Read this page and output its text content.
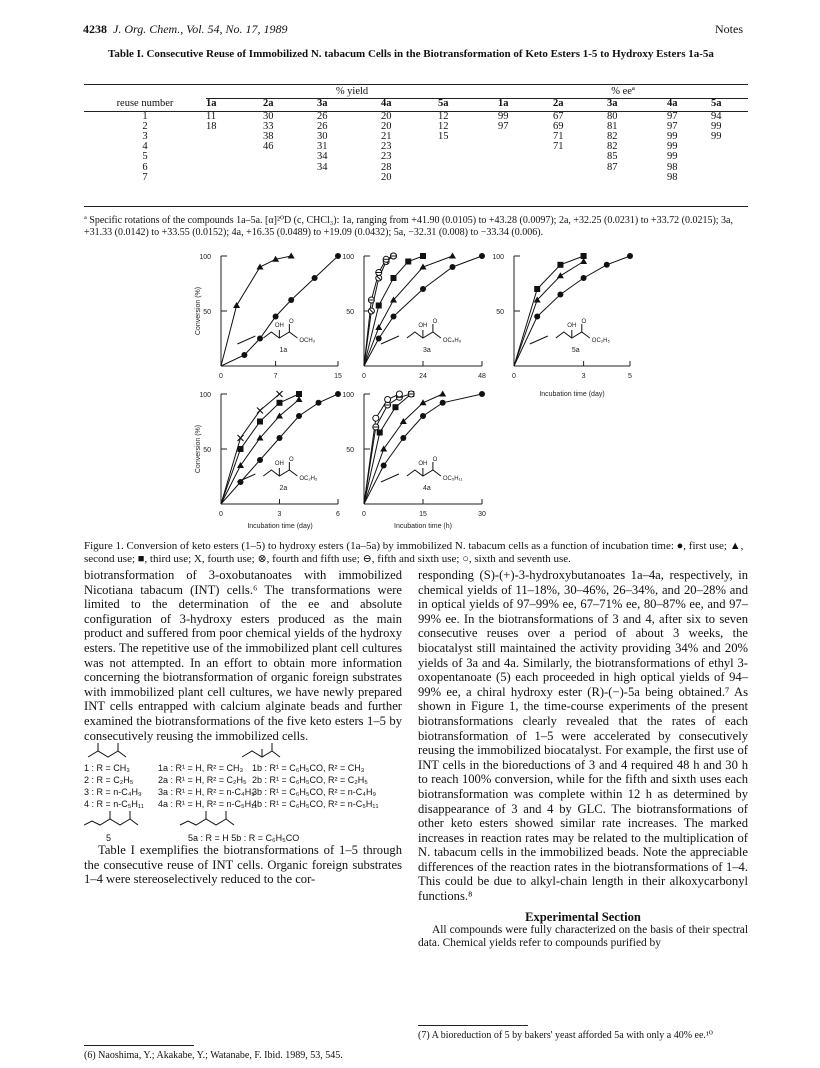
4238 J. Org. Chem., Vol. 54, No. 17, 1989	Notes
Table I. Consecutive Reuse of Immobilized N. tabacum Cells in the Biotransformation of Keto Esters 1-5 to Hydroxy Esters 1a-5a
	% yield					% eeª				
reuse number	1a	2a	3a	4a	5a	1a	2a	3a	4a	5a
1	11	30	26	20	12	99	67	80	97	94
2	18	33	26	20	12	97	69	81	97	99
3		38	30	21	15		71	82	99	99
4		46	31	23			71	82	99	
5			34	23				85	99	
6			34	28				87	98	
7				20					98	
ª Specific rotations of the compounds 1a–5a. [α]²⁰D (c, CHCl₃): 1a, ranging from +41.90 (0.0105) to +43.28 (0.0097); 2a, +32.25 (0.0231) to +33.72 (0.0215); 3a, +31.33 (0.0142) to +33.55 (0.0152); 4a, +16.35 (0.0489) to +19.09 (0.0432); 5a, −32.31 (0.008) to −33.34 (0.006).
100
50
0	7	15
OH
O
OCH₃
1a
100
50
0	24	48
OH
O
OC₄H₉
3a
100
50
0	3	5
OH
O
OC₂H₅
5a
100
50
0	3	6
OH
O
OC₂H₅
2a
100
50
0	15	30
OH
O
OC₅H₁₁
4a
Conversion (%)
Conversion (%)
Incubation time (day)
Incubation time (day)	Incubation time (h)
Figure 1. Conversion of keto esters (1–5) to hydroxy esters (1a–5a) by immobilized N. tabacum cells as a function of incubation time: ●, first use; ▲, second use; ■, third use; X, fourth use; ⊗, fourth and fifth use; ⊖, fifth and sixth use; ○, sixth and seventh use.

biotransformation of 3-oxobutanoates with immobilized Nicotiana tabacum (INT) cells.⁶ The transformations were limited to the determination of the ee and absolute configuration of 3-hydroxy esters produced as the main product and suffered from poor chemical yields of the hydroxy esters. The repetitive use of the immobilized plant cell cultures was not attempted. In an effort to obtain more information concerning the biotransformation of organic foreign substrates with immobilized plant cell cultures, we have newly prepared INT cells entrapped with calcium alginate beads and further examined the biotransformations of the five keto esters 1–5 by consecutively reusing the immobilized cells.

1 : R = CH₃	1a : R¹ = H, R² = CH₃ 1b : R¹ = C₆H₅CO, R² = CH₃
2 : R = C₂H₅	2a : R¹ = H, R² = C₂H₅ 2b : R¹ = C₆H₅CO, R² = C₂H₅
3 : R = n-C₄H₉ 3a : R¹ = H, R² = n-C₄H₉
3b : R¹ = C₆H₅CO, R² = n-C₄H₉
4 : R = n-C₅H₁₁ 4a : R¹ = H, R² = n-C₅H₁₁
4b : R¹ = C₆H₅CO, R² = n-C₅H₁₁
5	5a : R = H 5b : R = C₆H₅CO

Table I exemplifies the biotransformations of 1–5 through the consecutive reuse of INT cells. Organic foreign substrates 1–4 were stereoselectively reduced to the cor-

(6) Naoshima, Y.; Akakabe, Y.; Watanabe, F. Ibid. 1989, 53, 545.

responding (S)-(+)-3-hydroxybutanoates 1a–4a, respectively, in chemical yields of 11–18%, 30–46%, 26–34%, and 20–28% and in optical yields of 97–99% ee, 67–71% ee, 80–87% ee, and 97–99% ee. In the biotransformations of 3 and 4, after six to seven consecutive reuses over a period of about 3 weeks, the biocatalyst still maintained the activity providing 34% and 20% yields of 3a and 4a. Similarly, the biotransformations of ethyl 3-oxopentanoate (5) each proceeded in high optical yields of 94–99% ee, a chiral hydroxy ester (R)-(−)-5a being obtained.⁷ As shown in Figure 1, the time-course experiments of the present biotransformations clearly revealed that the rates of each biotransformation of 1–5 were accelerated by consecutively reusing the immobilized biocatalyst. For example, the first use of INT cells in the bioreductions of 3 and 4 required 48 h and 30 h to reach 100% conversion, while for the fifth and sixth uses each biotransformation was complete within 12 h as determined by disappearance of 3 and 4 by GLC. The biotransformations of other keto esters showed similar rate increases. The marked increases in reaction rates may be related to the multiplication of N. tabacum cells in the immobilized beads. Note the appreciable differences of the reaction rates in the biotransformations of 1–4. This could be due to alkyl-chain length in their alkoxycarbonyl functions.⁸

Experimental Section

All compounds were fully characterized on the basis of their spectral data. Chemical yields refer to compounds purified by

(7) A bioreduction of 5 by bakers' yeast afforded 5a with only a 40% ee.¹⁰
